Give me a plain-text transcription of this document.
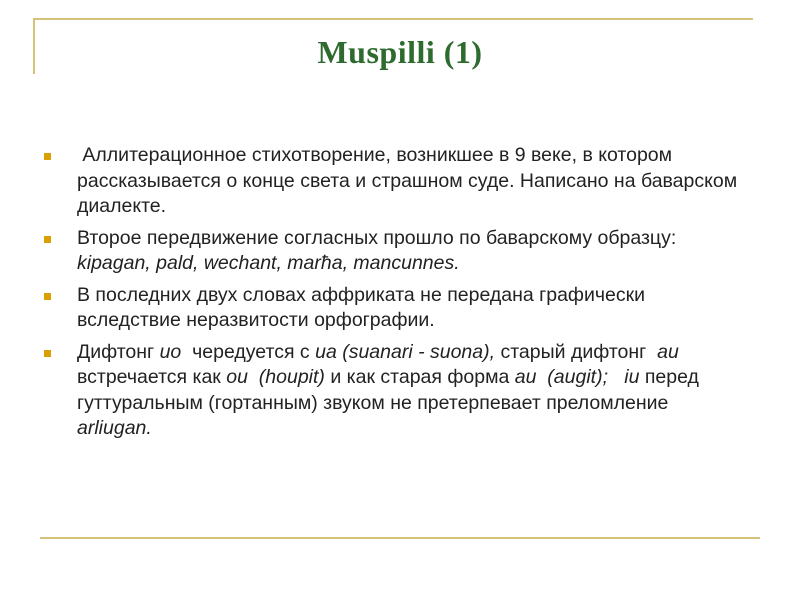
Muspilli (1)
Аллитерационное стихотворение, возникшее в 9 веке, в котором рассказывается о конце света и страшном суде. Написано на баварском диалекте.
Второе передвижение согласных прошло по баварскому образцу: kipagan, pald, wechant, marћa, mancunnes.
В последних двух словах аффриката не передана графически вследствие неразвитости орфографии.
Дифтонг uo  чередуется с ua (suanari - suona), старый дифтонг  au  встречается как ou  (houpit) и как старая форма au  (augit);   iu перед гуттуральным (гортанным) звуком не претерпевает преломление arliugan.
